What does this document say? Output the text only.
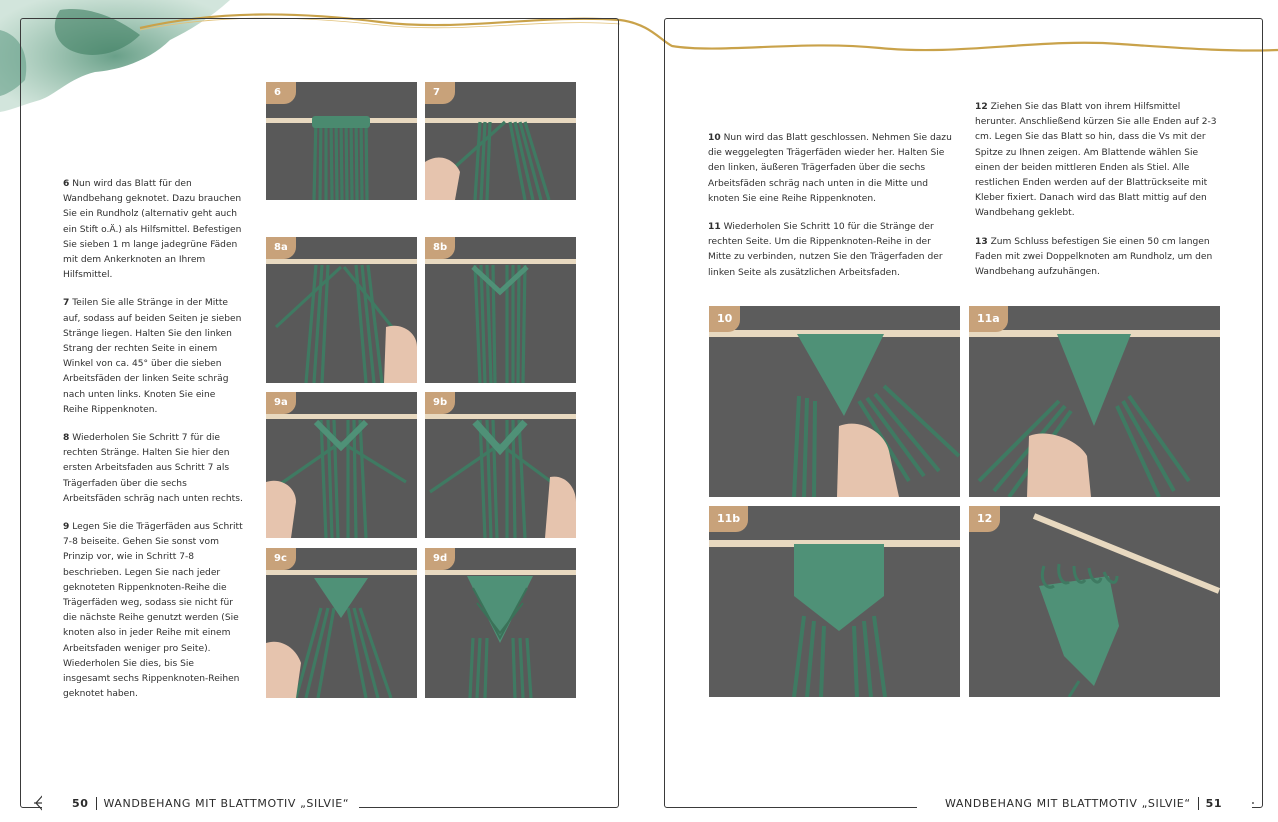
6 Nun wird das Blatt für den Wandbehang geknotet. Dazu brauchen Sie ein Rundholz (alternativ geht auch ein Stift o.Ä.) als Hilfsmittel. Befestigen Sie sieben 1 m lange jadegrüne Fäden mit dem Ankerknoten an Ihrem Hilfsmittel.

7 Teilen Sie alle Stränge in der Mitte auf, sodass auf beiden Seiten je sieben Stränge liegen. Halten Sie den linken Strang der rechten Seite in einem Winkel von ca. 45° über die sieben Arbeitsfäden der linken Seite schräg nach unten links. Knoten Sie eine Reihe Rippenknoten.

8 Wiederholen Sie Schritt 7 für die rechten Stränge. Halten Sie hier den ersten Arbeitsfaden aus Schritt 7 als Trägerfaden über die sechs Arbeitsfäden schräg nach unten rechts.

9 Legen Sie die Trägerfäden aus Schritt 7-8 beiseite. Gehen Sie sonst vom Prinzip vor, wie in Schritt 7-8 beschrieben. Legen Sie nach jeder geknoteten Rippenknoten-Reihe die Trägerfäden weg, sodass sie nicht für die nächste Reihe genutzt werden (Sie knoten also in jeder Reihe mit einem Arbeitsfaden weniger pro Seite). Wiederholen Sie dies, bis Sie insgesamt sechs Rippenknoten-Reihen geknotet haben.

10 Nun wird das Blatt geschlossen. Nehmen Sie dazu die weggelegten Trägerfäden wieder her. Halten Sie den linken, äußeren Trägerfaden über die sechs Arbeitsfäden schräg nach unten in die Mitte und knoten Sie eine Reihe Rippenknoten.

11 Wiederholen Sie Schritt 10 für die Stränge der rechten Seite. Um die Rippenknoten-Reihe in der Mitte zu verbinden, nutzen Sie den Trägerfaden der linken Seite als zusätzlichen Arbeitsfaden.

12 Ziehen Sie das Blatt von ihrem Hilfsmittel herunter. Anschließend kürzen Sie alle Enden auf 2-3 cm. Legen Sie das Blatt so hin, dass die Vs mit der Spitze zu Ihnen zeigen. Am Blattende wählen Sie einen der beiden mittleren Enden als Stiel. Alle restlichen Enden werden auf der Blattrückseite mit Kleber fixiert. Danach wird das Blatt mittig auf den Wandbehang geklebt.

13 Zum Schluss befestigen Sie einen 50 cm langen Faden mit zwei Doppelknoten am Rundholz, um den Wandbehang aufzuhängen.

6	7
8a	8b
9a	9b
9c	9d
10	11a
11b	12
50 WANDBEHANG MIT BLATTMOTIV „SILVIE“	WANDBEHANG MIT BLATTMOTIV „SILVIE“ 51
